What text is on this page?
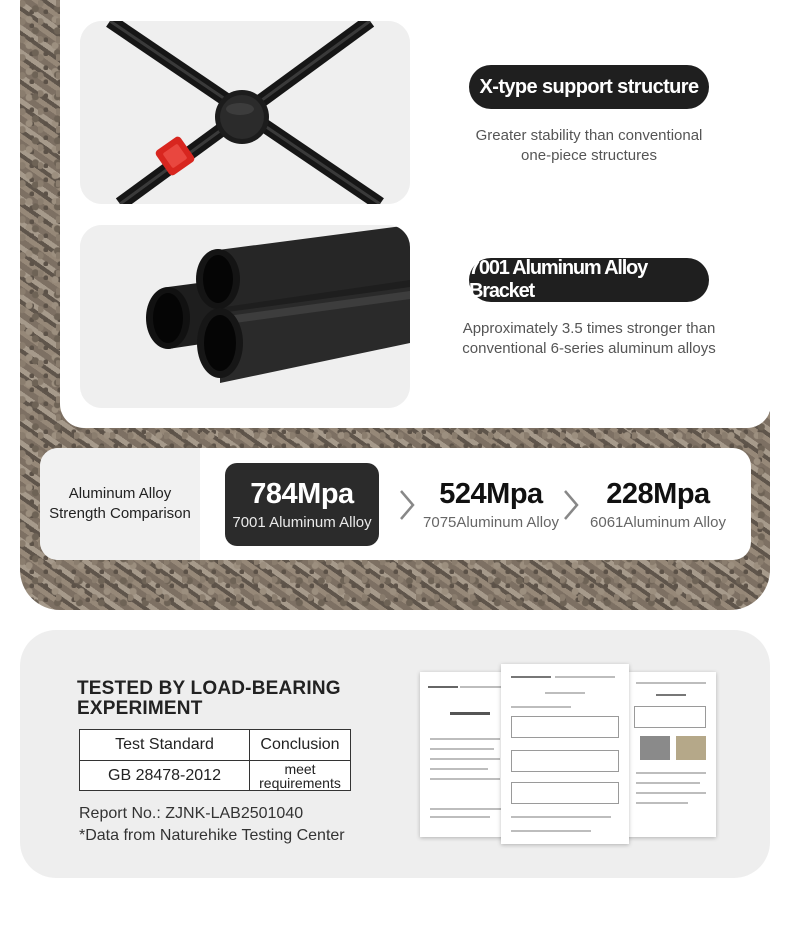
X-type support structure
Greater stability than conventional
one-piece structures
7001 Aluminum Alloy Bracket
Approximately 3.5 times stronger than
conventional 6-series aluminum alloys
Aluminum Alloy
Strength Comparison
784Mpa
7001 Aluminum Alloy
524Mpa
7075Aluminum Alloy
228Mpa
6061Aluminum Alloy
TESTED BY LOAD-BEARING
EXPERIMENT
Test Standard	Conclusion
GB 28478-2012	meet
requirements
Report No.: ZJNK-LAB2501040
*Data from Naturehike Testing Center
